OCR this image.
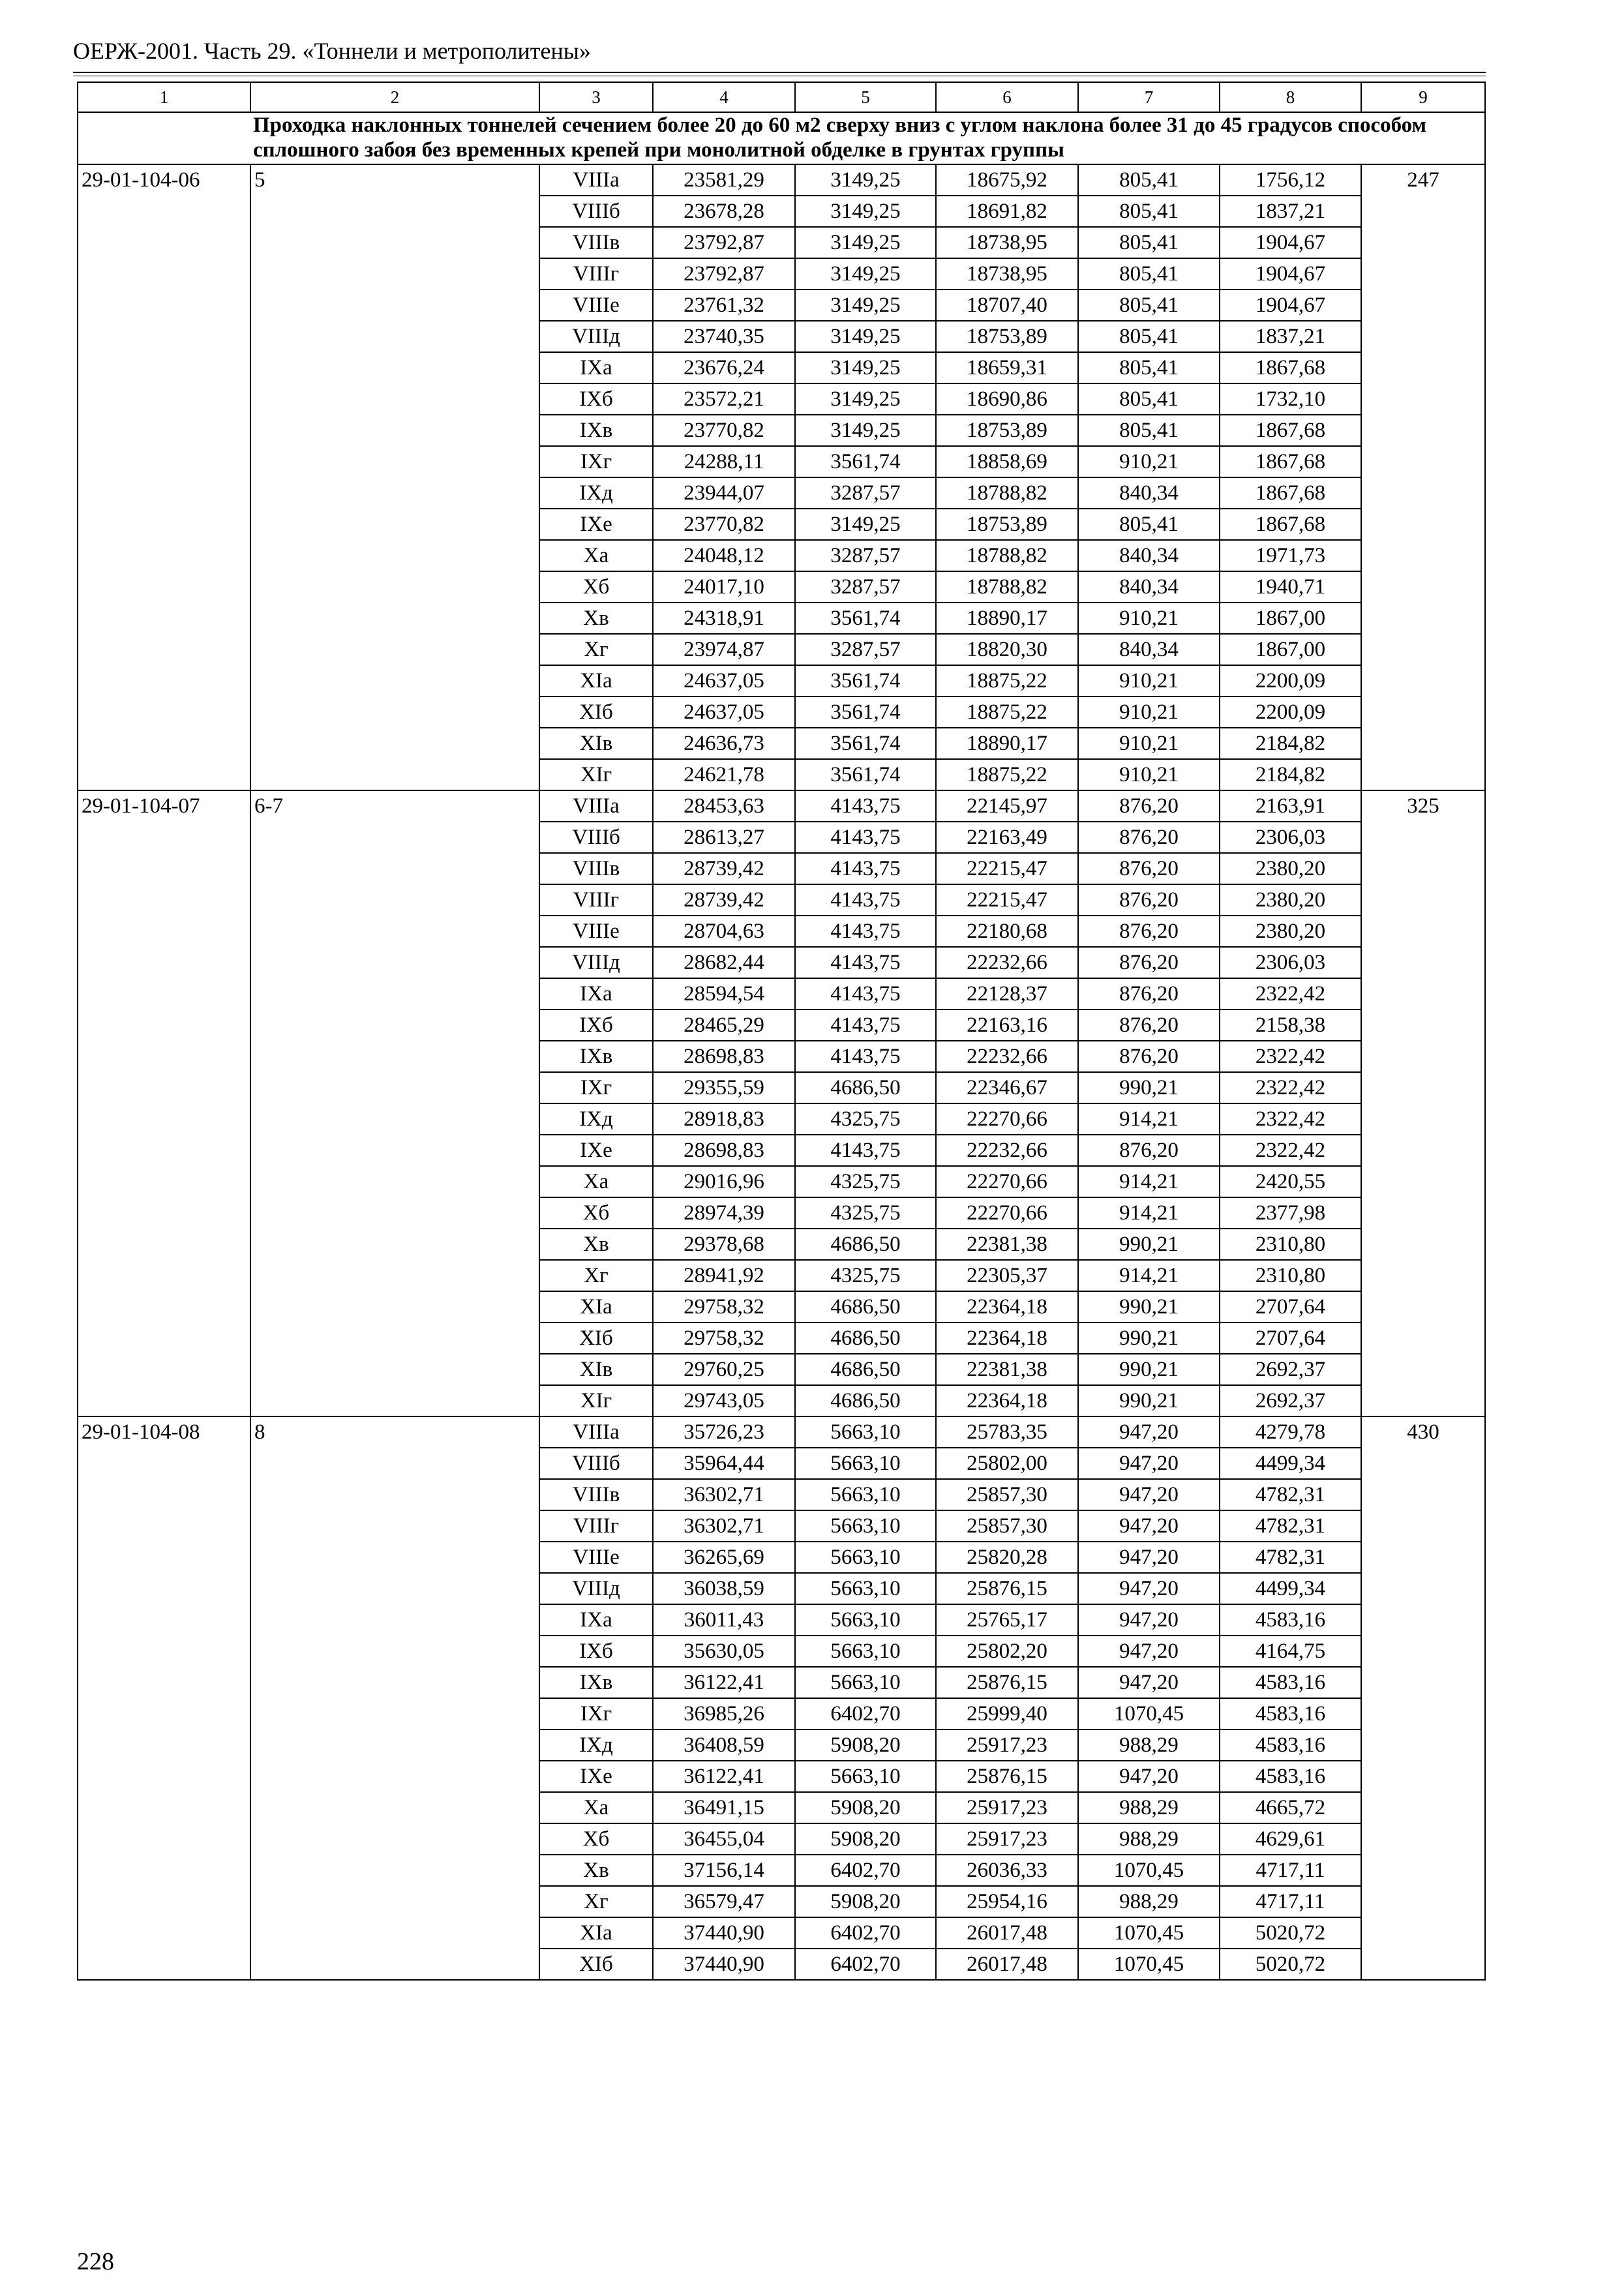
ОЕРЖ-2001. Часть 29. «Тоннели и метрополитены»
1	2	3	4	5	6	7	8	9
Проходка наклонных тоннелей сечением более 20 до 60 м2 сверху вниз с углом наклона более 31 до 45 градусов способом сплошного забоя без временных крепей при монолитной обделке в грунтах группы								
29-01-104-06	5	VIIIа	23581,29	3149,25	18675,92	805,41	1756,12	247
		VIIIб	23678,28	3149,25	18691,82	805,41	1837,21	
		VIIIв	23792,87	3149,25	18738,95	805,41	1904,67	
		VIIIг	23792,87	3149,25	18738,95	805,41	1904,67	
		VIIIе	23761,32	3149,25	18707,40	805,41	1904,67	
		VIIIд	23740,35	3149,25	18753,89	805,41	1837,21	
		IXа	23676,24	3149,25	18659,31	805,41	1867,68	
		IXб	23572,21	3149,25	18690,86	805,41	1732,10	
		IXв	23770,82	3149,25	18753,89	805,41	1867,68	
		IXг	24288,11	3561,74	18858,69	910,21	1867,68	
		IXд	23944,07	3287,57	18788,82	840,34	1867,68	
		IXе	23770,82	3149,25	18753,89	805,41	1867,68	
		Xа	24048,12	3287,57	18788,82	840,34	1971,73	
		Xб	24017,10	3287,57	18788,82	840,34	1940,71	
		Xв	24318,91	3561,74	18890,17	910,21	1867,00	
		Xг	23974,87	3287,57	18820,30	840,34	1867,00	
		XIа	24637,05	3561,74	18875,22	910,21	2200,09	
		XIб	24637,05	3561,74	18875,22	910,21	2200,09	
		XIв	24636,73	3561,74	18890,17	910,21	2184,82	
		XIг	24621,78	3561,74	18875,22	910,21	2184,82	
29-01-104-07	6-7	VIIIа	28453,63	4143,75	22145,97	876,20	2163,91	325
		VIIIб	28613,27	4143,75	22163,49	876,20	2306,03	
		VIIIв	28739,42	4143,75	22215,47	876,20	2380,20	
		VIIIг	28739,42	4143,75	22215,47	876,20	2380,20	
		VIIIе	28704,63	4143,75	22180,68	876,20	2380,20	
		VIIIд	28682,44	4143,75	22232,66	876,20	2306,03	
		IXа	28594,54	4143,75	22128,37	876,20	2322,42	
		IXб	28465,29	4143,75	22163,16	876,20	2158,38	
		IXв	28698,83	4143,75	22232,66	876,20	2322,42	
		IXг	29355,59	4686,50	22346,67	990,21	2322,42	
		IXд	28918,83	4325,75	22270,66	914,21	2322,42	
		IXе	28698,83	4143,75	22232,66	876,20	2322,42	
		Xа	29016,96	4325,75	22270,66	914,21	2420,55	
		Xб	28974,39	4325,75	22270,66	914,21	2377,98	
		Xв	29378,68	4686,50	22381,38	990,21	2310,80	
		Xг	28941,92	4325,75	22305,37	914,21	2310,80	
		XIа	29758,32	4686,50	22364,18	990,21	2707,64	
		XIб	29758,32	4686,50	22364,18	990,21	2707,64	
		XIв	29760,25	4686,50	22381,38	990,21	2692,37	
		XIг	29743,05	4686,50	22364,18	990,21	2692,37	
29-01-104-08	8	VIIIа	35726,23	5663,10	25783,35	947,20	4279,78	430
		VIIIб	35964,44	5663,10	25802,00	947,20	4499,34	
		VIIIв	36302,71	5663,10	25857,30	947,20	4782,31	
		VIIIг	36302,71	5663,10	25857,30	947,20	4782,31	
		VIIIе	36265,69	5663,10	25820,28	947,20	4782,31	
		VIIIд	36038,59	5663,10	25876,15	947,20	4499,34	
		IXа	36011,43	5663,10	25765,17	947,20	4583,16	
		IXб	35630,05	5663,10	25802,20	947,20	4164,75	
		IXв	36122,41	5663,10	25876,15	947,20	4583,16	
		IXг	36985,26	6402,70	25999,40	1070,45	4583,16	
		IXд	36408,59	5908,20	25917,23	988,29	4583,16	
		IXе	36122,41	5663,10	25876,15	947,20	4583,16	
		Xа	36491,15	5908,20	25917,23	988,29	4665,72	
		Xб	36455,04	5908,20	25917,23	988,29	4629,61	
		Xв	37156,14	6402,70	26036,33	1070,45	4717,11	
		Xг	36579,47	5908,20	25954,16	988,29	4717,11	
		XIа	37440,90	6402,70	26017,48	1070,45	5020,72	
		XIб	37440,90	6402,70	26017,48	1070,45	5020,72	
228
